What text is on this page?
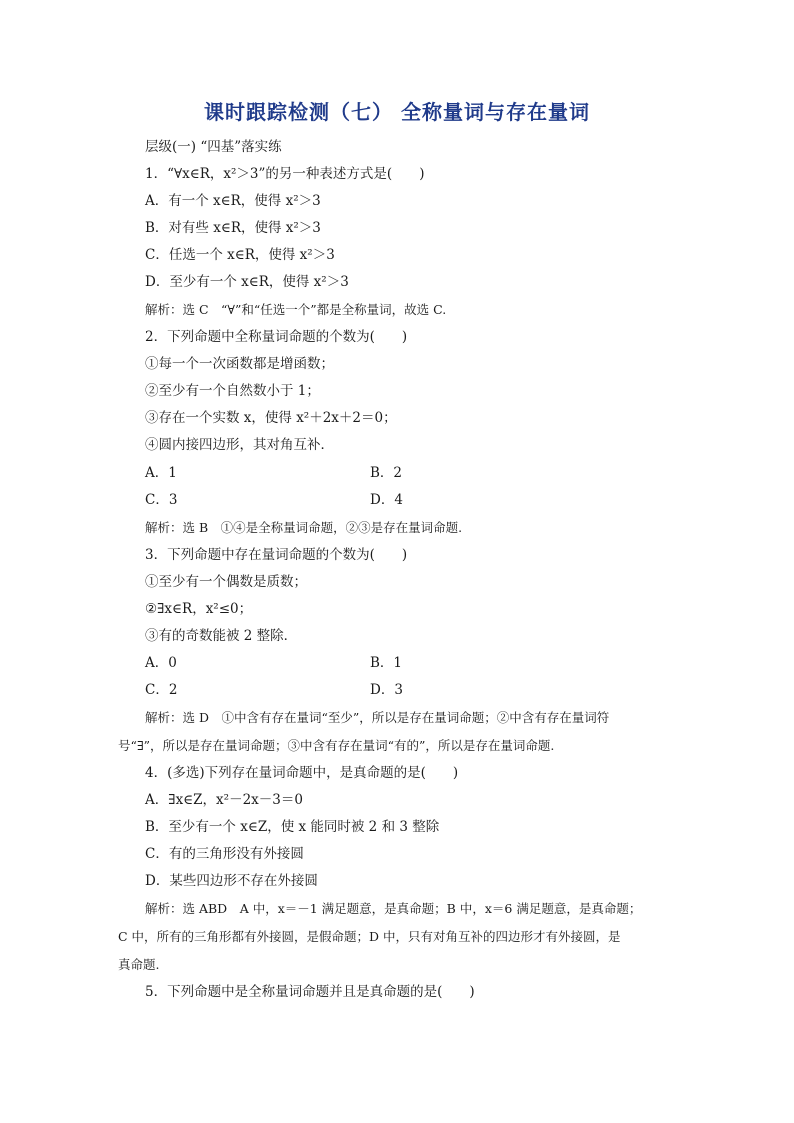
课时跟踪检测（七） 全称量词与存在量词
层级(一) “四基”落实练
1．“∀x∈R，x²＞3”的另一种表述方式是(　　)
A．有一个 x∈R，使得 x²＞3
B．对有些 x∈R，使得 x²＞3
C．任选一个 x∈R，使得 x²＞3
D．至少有一个 x∈R，使得 x²＞3
解析：选 C　“∀”和“任选一个”都是全称量词，故选 C.
2．下列命题中全称量词命题的个数为(　　)
①每一个一次函数都是增函数；
②至少有一个自然数小于 1；
③存在一个实数 x，使得 x²＋2x＋2＝0；
④圆内接四边形，其对角互补．
A．1	B．2
C．3	D．4
解析：选 B　①④是全称量词命题，②③是存在量词命题.
3．下列命题中存在量词命题的个数为(　　)
①至少有一个偶数是质数；
②∃x∈R，x²≤0；
③有的奇数能被 2 整除．
A．0	B．1
C．2	D．3
解析：选 D　①中含有存在量词“至少”，所以是存在量词命题；②中含有存在量词符
号“∃”，所以是存在量词命题；③中含有存在量词“有的”，所以是存在量词命题.
4．(多选)下列存在量词命题中，是真命题的是(　　)
A．∃x∈Z，x²－2x－3＝0
B．至少有一个 x∈Z，使 x 能同时被 2 和 3 整除
C．有的三角形没有外接圆
D．某些四边形不存在外接圆
解析：选 ABD　A 中，x＝－1 满足题意，是真命题；B 中，x＝6 满足题意，是真命题；
C 中，所有的三角形都有外接圆，是假命题；D 中，只有对角互补的四边形才有外接圆，是
真命题.
5．下列命题中是全称量词命题并且是真命题的是(　　)
